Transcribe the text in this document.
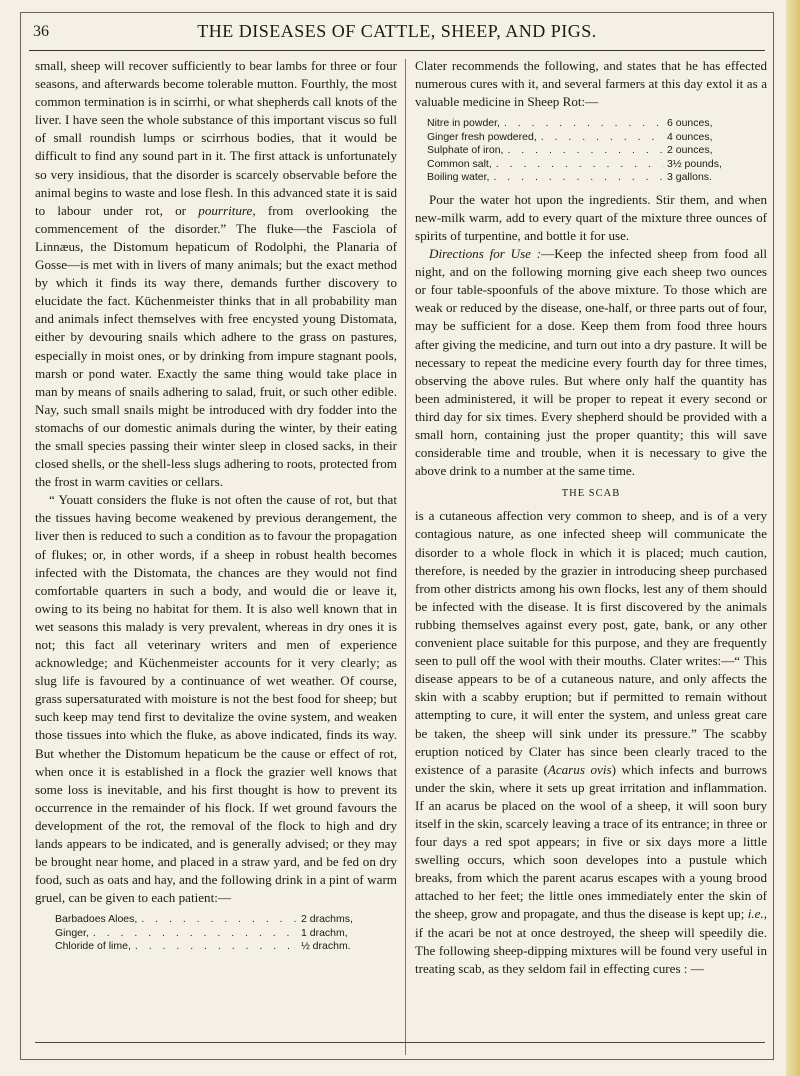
36	THE DISEASES OF CATTLE, SHEEP, AND PIGS.

small, sheep will recover sufficiently to bear lambs for three or four seasons, and afterwards become tolerable mutton. Fourthly, the most common termination is in scirrhi, or what shepherds call knots of the liver. I have seen the whole substance of this important viscus so full of small roundish lumps or scirrhous bodies, that it would be difficult to find any sound part in it. The first attack is unfortunately so very insidious, that the disorder is scarcely observable before the animal begins to waste and lose flesh. In this advanced state it is said to labour under rot, or pourriture, from overlooking the commencement of the disorder.” The fluke—the Fasciola of Linnæus, the Distomum hepaticum of Rodolphi, the Planaria of Gosse—is met with in livers of many animals; but the exact method by which it finds its way there, demands further discovery to elucidate the fact. Küchenmeister thinks that in all probability man and animals infect themselves with free encysted young Distomata, either by devouring snails which adhere to the grass on pastures, especially in moist ones, or by drinking from impure stagnant pools, marsh or pond water. Exactly the same thing would take place in man by means of snails adhering to salad, fruit, or such other edible. Nay, such small snails might be introduced with dry fodder into the stomachs of our domestic animals during the winter, by their eating the small species passing their winter sleep in closed sacks, in their closed shells, or the shell-less slugs adhering to roots, protected from the frost in warm cavities or cellars.

“ Youatt considers the fluke is not often the cause of rot, but that the tissues having become weakened by previous derangement, the liver then is reduced to such a condition as to favour the propagation of flukes; or, in other words, if a sheep in robust health becomes infected with the Distomata, the chances are they would not find comfortable quarters in such a body, and would die or leave it, owing to its being no habitat for them. It is also well known that in wet seasons this malady is very prevalent, whereas in dry ones it is not; this fact all veterinary writers and men of experience acknowledge; and Küchenmeister accounts for it very clearly; as slug life is favoured by a continuance of wet weather. Of course, grass supersaturated with moisture is not the best food for sheep; but such keep may tend first to devitalize the ovine system, and weaken those tissues into which the fluke, as above indicated, finds its way. But whether the Distomum hepaticum be the cause or effect of rot, when once it is established in a flock the grazier well knows that some loss is inevitable, and his first thought is how to prevent its occurrence in the remainder of his flock. If wet ground favours the development of the rot, the removal of the flock to high and dry lands appears to be indicated, and is generally advised; or they may be brought near home, and placed in a straw yard, and be fed on dry food, such as oats and hay, and the following drink in a pint of warm gruel, can be given to each patient:—

Barbadoes Aloes, . . .	2 drachms,
Ginger, . . .	1 drachm,
Chloride of lime, . . .	½ drachm.

Clater recommends the following, and states that he has effected numerous cures with it, and several farmers at this day extol it as a valuable medicine in Sheep Rot:—

Nitre in powder, . . .	6 ounces,
Ginger fresh powdered, . . .	4 ounces,
Sulphate of iron, . . .	2 ounces,
Common salt, . . .	3½ pounds,
Boiling water, . . .	3 gallons.

Pour the water hot upon the ingredients. Stir them, and when new-milk warm, add to every quart of the mixture three ounces of spirits of turpentine, and bottle it for use.

Directions for Use :—Keep the infected sheep from food all night, and on the following morning give each sheep two ounces or four table-spoonfuls of the above mixture. To those which are weak or reduced by the disease, one-half, or three parts out of four, may be sufficient for a dose. Keep them from food three hours after giving the medicine, and turn out into a dry pasture. It will be necessary to repeat the medicine every fourth day for three times, observing the above rules. But where only half the quantity has been administered, it will be proper to repeat it every second or third day for six times. Every shepherd should be provided with a small horn, containing just the proper quantity; this will save considerable time and trouble, when it is necessary to give the above drink to a number at the same time.

THE SCAB

is a cutaneous affection very common to sheep, and is of a very contagious nature, as one infected sheep will communicate the disorder to a whole flock in which it is placed; much caution, therefore, is needed by the grazier in introducing sheep purchased from other districts among his own flocks, lest any of them should be infected with the disease. It is first discovered by the animals rubbing themselves against every post, gate, bank, or any other convenient place suitable for this purpose, and they are frequently seen to pull off the wool with their mouths. Clater writes:—“ This disease appears to be of a cutaneous nature, and only affects the skin with a scabby eruption; but if permitted to remain without attempting to cure, it will enter the system, and unless great care be taken, the sheep will sink under its pressure.” The scabby eruption noticed by Clater has since been clearly traced to the existence of a parasite (Acarus ovis) which infects and burrows under the skin, where it sets up great irritation and inflammation. If an acarus be placed on the wool of a sheep, it will soon bury itself in the skin, scarcely leaving a trace of its entrance; in three or four days a red spot appears; in five or six days more a little swelling occurs, which soon developes into a pustule which breaks, from which the parent acarus escapes with a young brood attached to her feet; the little ones immediately enter the skin of the sheep, grow and propagate, and thus the disease is kept up; i.e., if the acari be not at once destroyed, the sheep will speedily die. The following sheep-dipping mixtures will be found very useful in treating scab, as they seldom fail in effecting cures : —
